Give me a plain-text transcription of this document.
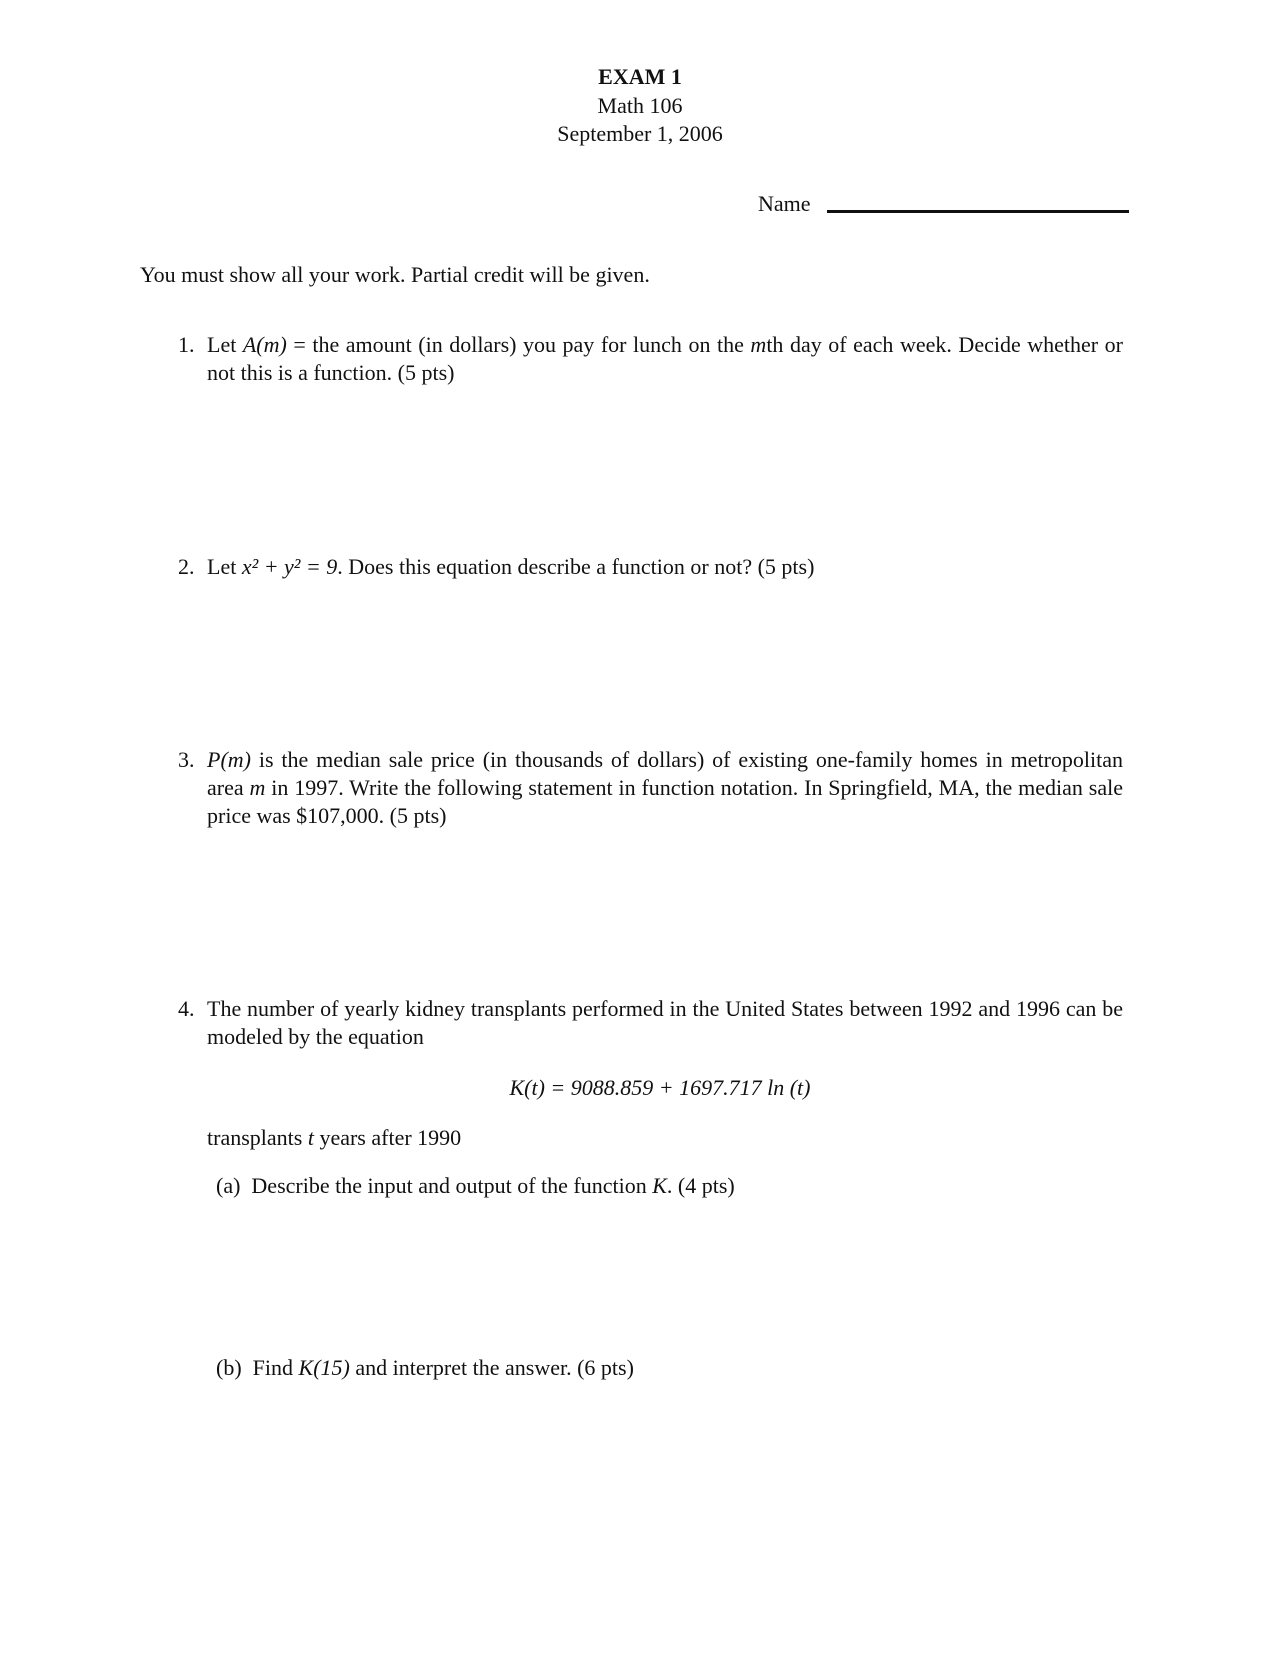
EXAM 1
Math 106
September 1, 2006
Name
You must show all your work. Partial credit will be given.
1. Let A(m) = the amount (in dollars) you pay for lunch on the mth day of each week. Decide whether or not this is a function. (5 pts)
2. Let x² + y² = 9. Does this equation describe a function or not? (5 pts)
3. P(m) is the median sale price (in thousands of dollars) of existing one-family homes in metropolitan area m in 1997. Write the following statement in function notation. In Springfield, MA, the median sale price was $107,000. (5 pts)
4. The number of yearly kidney transplants performed in the United States between 1992 and 1996 can be modeled by the equation
K(t) = 9088.859 + 1697.717 ln (t)
transplants t years after 1990
(a) Describe the input and output of the function K. (4 pts)
(b) Find K(15) and interpret the answer. (6 pts)
